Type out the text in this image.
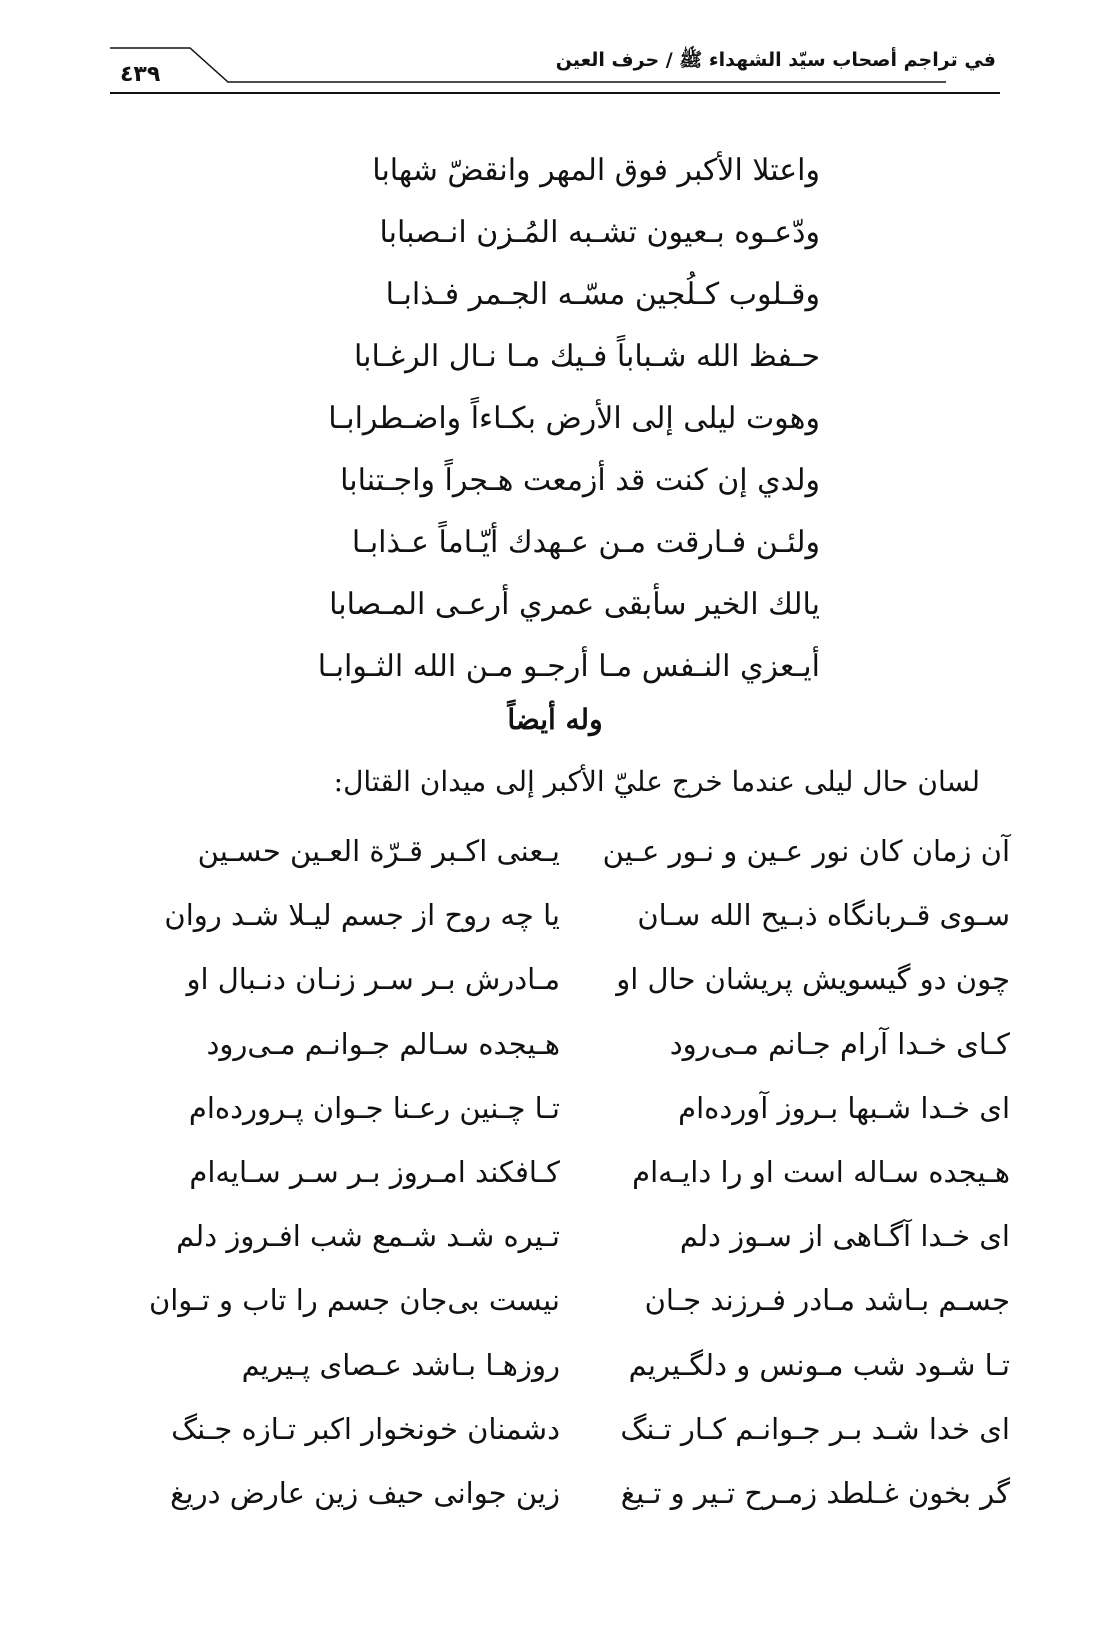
في تراجم أصحاب سيّد الشهداء ﷺ / حرف العين
٤٣٩
واعتلا الأكبر فوق المهر وانقضّ شهابا
ودّعـوه بـعيون تشـبه المُـزن انـصبابا
وقـلوب كـلُجين مسّـه الجـمر فـذابـا
حـفظ الله شـباباً فـيك مـا نـال الرغـابا
وهوت ليلى إلى الأرض بكـاءاً واضـطرابـا
ولدي إن كنت قد أزمعت هـجراً واجـتنابا
ولئـن فـارقت مـن عـهدك أيّـاماً عـذابـا
يالك الخير سأبقى عمري أرعـى المـصابا
أيـعزي النـفس مـا أرجـو مـن الله الثـوابـا
وله أيضاً
لسان حال ليلى عندما خرج عليّ الأكبر إلى ميدان القتال:
آن زمان كان نور عـين و نـور عـين
يـعنى اكـبر قـرّة العـين حسـين
سـوى قـربانگاه ذبـيح الله سـان
يا چه روح از جسم ليـلا شـد روان
چون دو گيسويش پريشان حال او
مـادرش بـر سـر زنـان دنـبال او
كـاى خـدا آرام جـانم مـى‌رود
هـيجده سـالم جـوانـم مـى‌رود
اى خـدا شـبها بـروز آورده‌ام
تـا چـنين رعـنا جـوان پـرورده‌ام
هـيجده سـاله است او را دايـه‌ام
كـافكند امـروز بـر سـر سـايه‌ام
اى خـدا آگـاهى از سـوز دلم
تـيره شـد شـمع شب افـروز دلم
جسـم بـاشد مـادر فـرزند جـان
نيست بى‌جان جسم را تاب و تـوان
تـا شـود شب مـونس و دلگـيريم
روزهـا بـاشد عـصاى پـيريم
اى خدا شـد بـر جـوانـم كـار تـنگ
دشمنان خونخوار اكبر تـازه جـنگ
گر بخون غـلطد زمـرح تـير و تـيغ
زين جوانى حيف زين عارض دريغ
